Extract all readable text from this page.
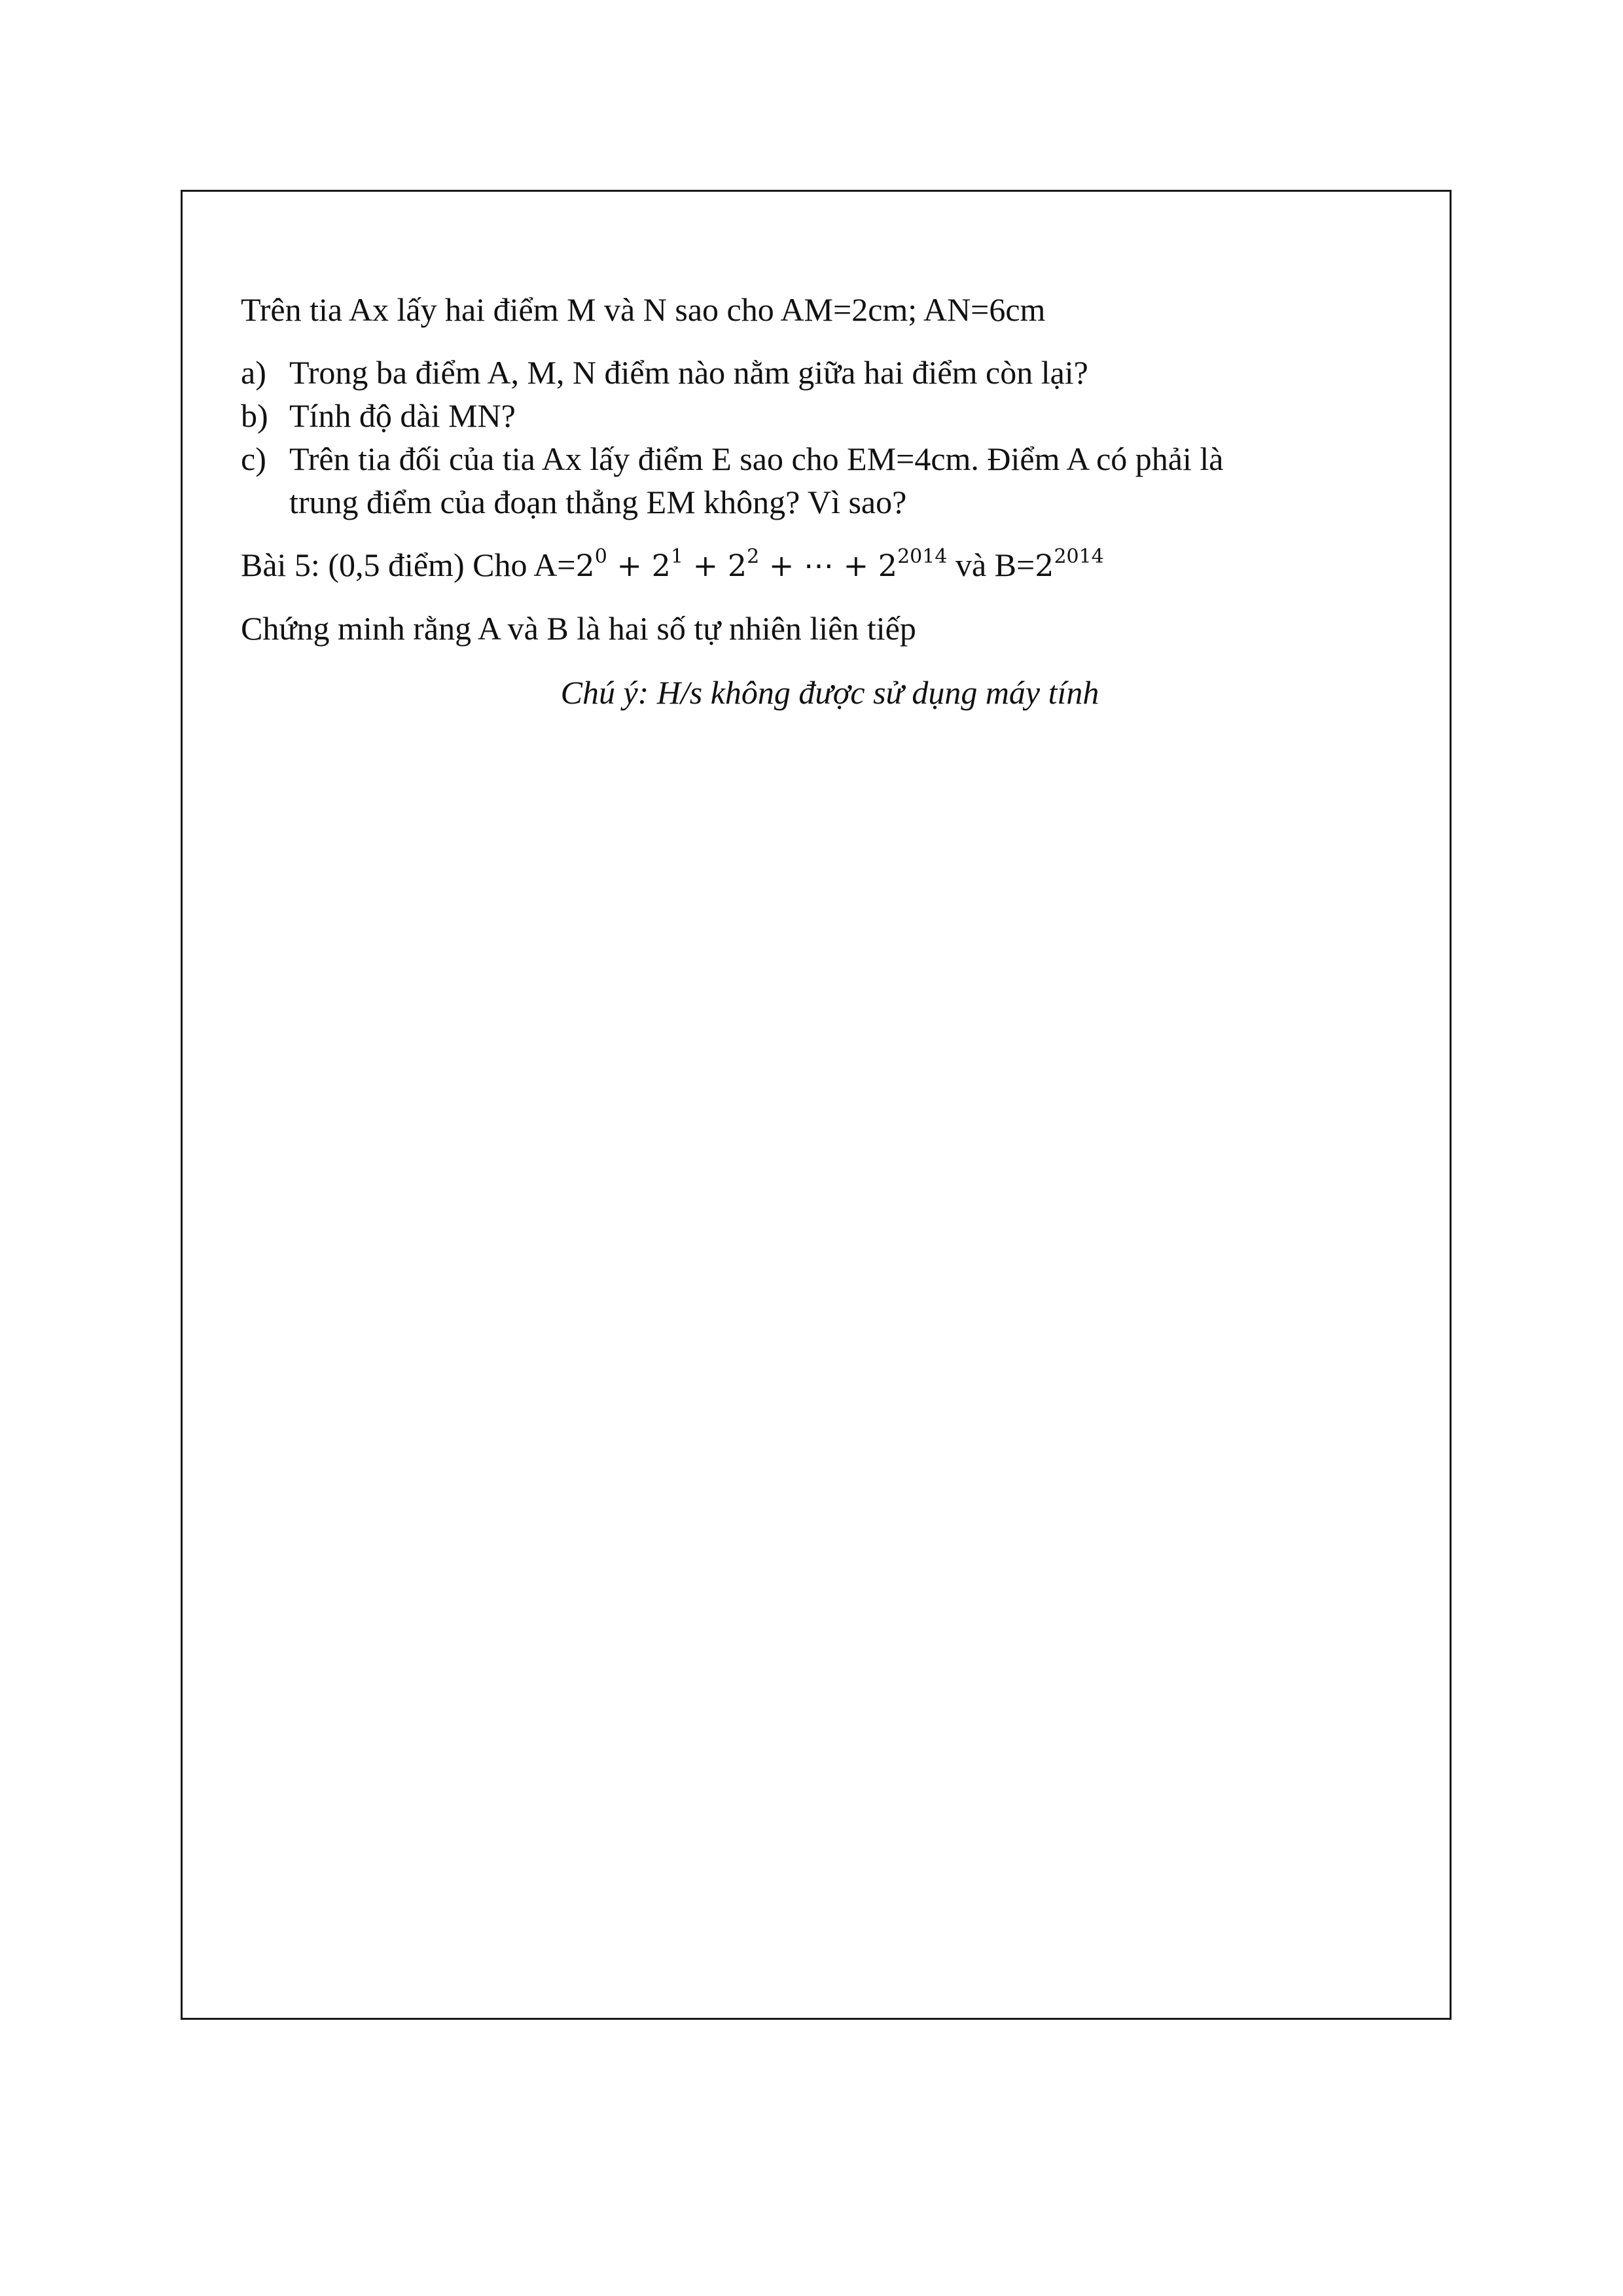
Trên tia Ax lấy hai điểm M và N sao cho AM=2cm; AN=6cm

a) Trong ba điểm A, M, N điểm nào nằm giữa hai điểm còn lại?
b) Tính độ dài MN?
c) Trên tia đối của tia Ax lấy điểm E sao cho EM=4cm. Điểm A có phải là
trung điểm của đoạn thẳng EM không? Vì sao?

Bài 5: (0,5 điểm) Cho $A=2^0 + 2^1 + 2^2$ + ⋯ + $2^{2014}$ và $B=2^{2014}$

Chứng minh rằng A và B là hai số tự nhiên liên tiếp

Chú ý: H/s không được sử dụng máy tính
